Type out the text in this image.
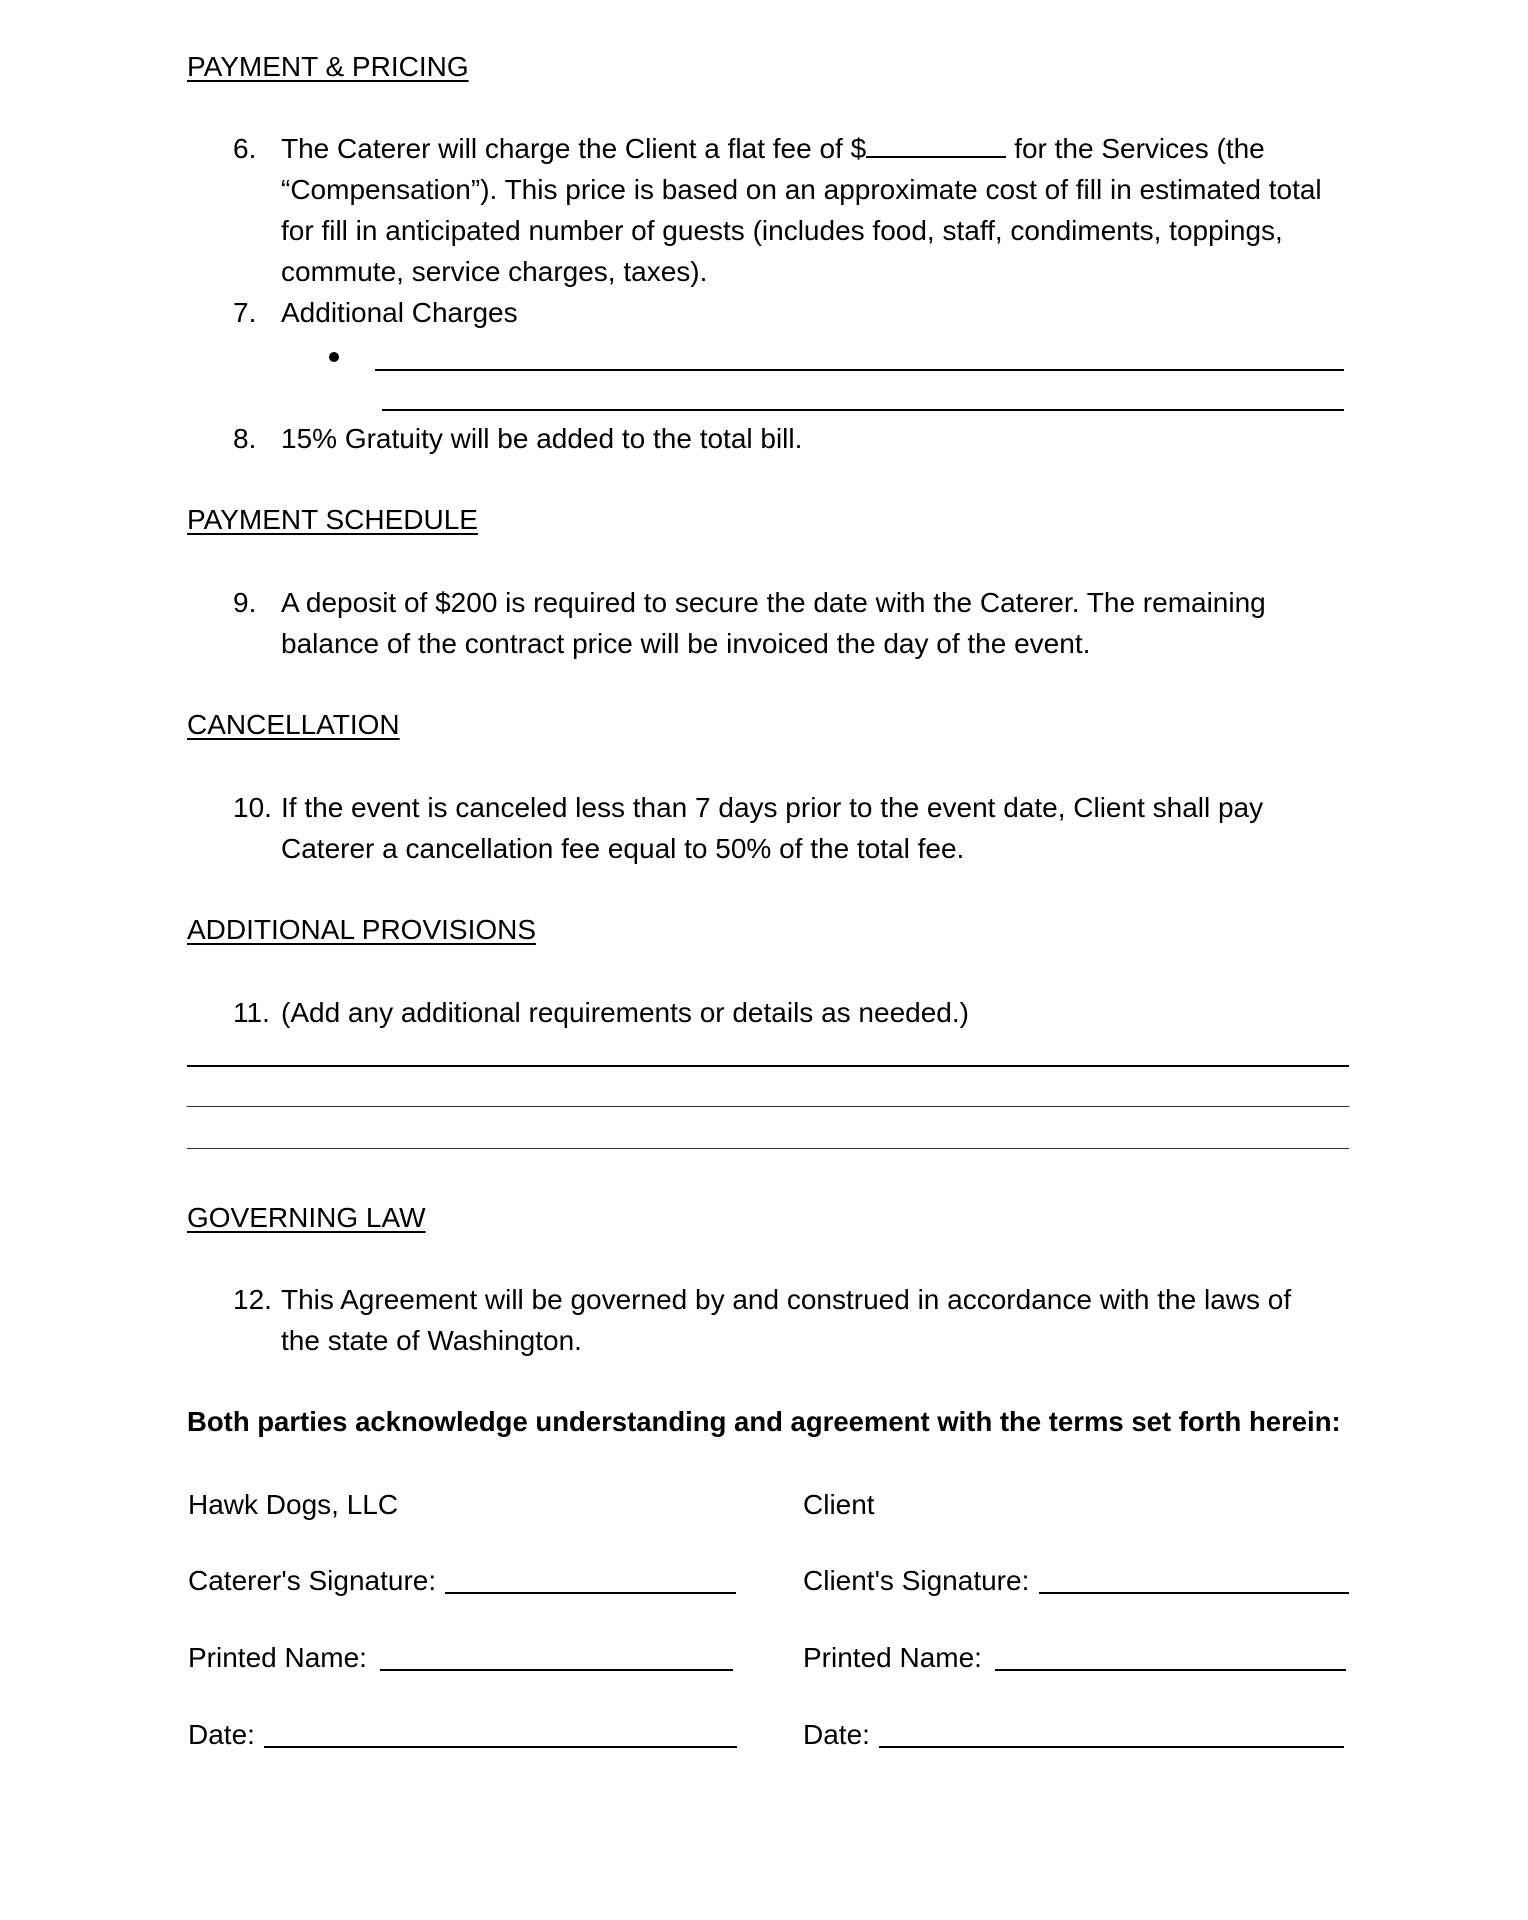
PAYMENT & PRICING
6. The Caterer will charge the Client a flat fee of $	for the Services (the
“Compensation”). This price is based on an approximate cost of fill in estimated total
for fill in anticipated number of guests (includes food, staff, condiments, toppings,
commute, service charges, taxes).
7. Additional Charges
8. 15% Gratuity will be added to the total bill.
PAYMENT SCHEDULE
9. A deposit of $200 is required to secure the date with the Caterer. The remaining
balance of the contract price will be invoiced the day of the event.
CANCELLATION
10. If the event is canceled less than 7 days prior to the event date, Client shall pay
Caterer a cancellation fee equal to 50% of the total fee.
ADDITIONAL PROVISIONS
11. (Add any additional requirements or details as needed.)
GOVERNING LAW
12. This Agreement will be governed by and construed in accordance with the laws of
the state of Washington.
Both parties acknowledge understanding and agreement with the terms set forth herein:
Hawk Dogs, LLC
Caterer's Signature:
Printed Name:
Date:
Client
Client's Signature:
Printed Name:
Date:
